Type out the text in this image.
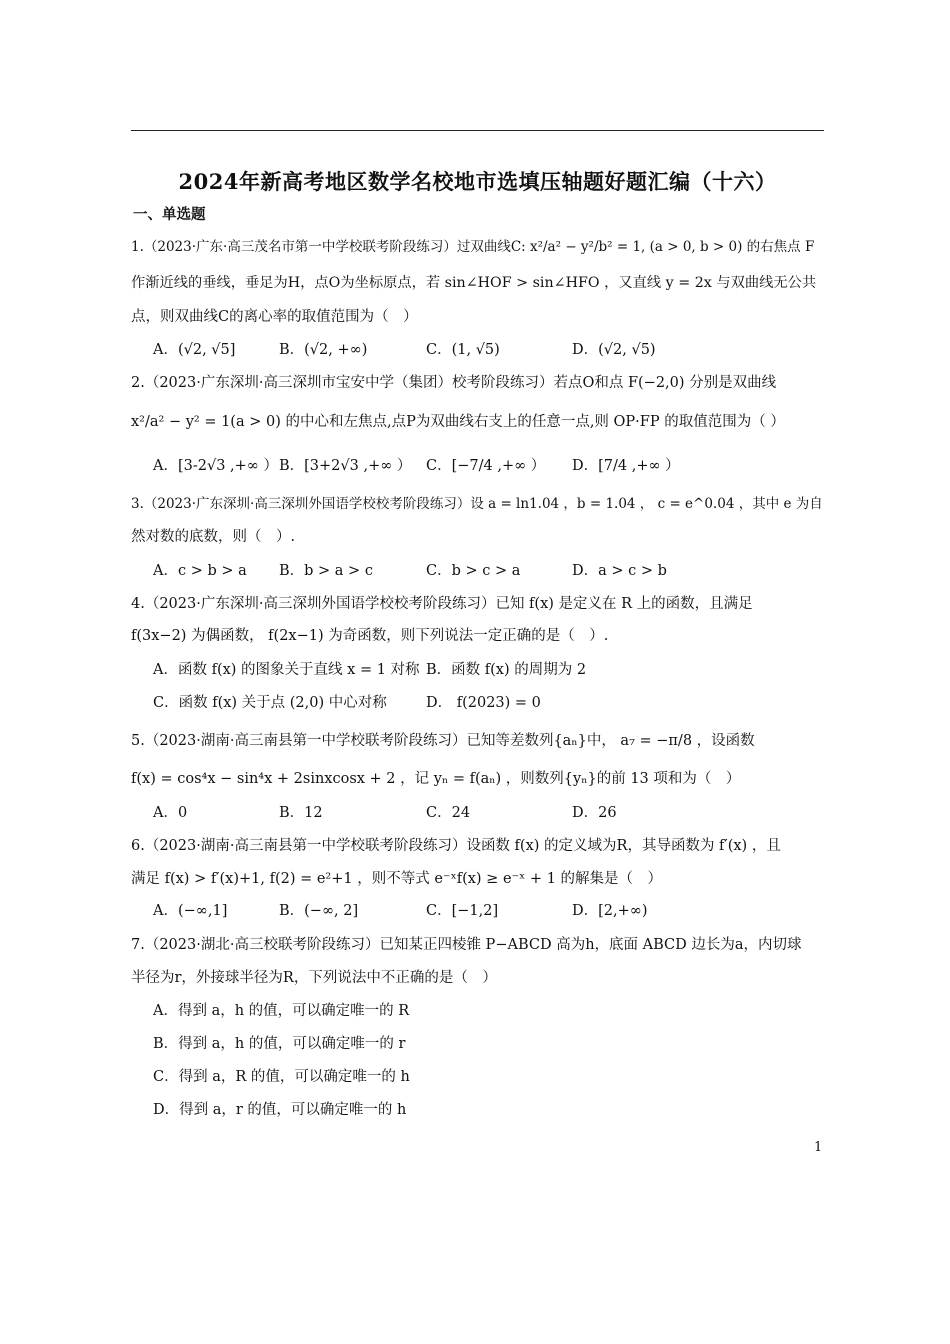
2024年新高考地区数学名校地市选填压轴题好题汇编（十六）
一、单选题
1.（2023·广东·高三茂名市第一中学校联考阶段练习）过双曲线C: x²/a² − y²/b² = 1, (a > 0, b > 0) 的右焦点 F
作渐近线的垂线，垂足为H，点O为坐标原点，若 sin∠HOF > sin∠HFO ，又直线 y = 2x 与双曲线无公共
点，则双曲线C的离心率的取值范围为（　）
A．(√2, √5]	B．(√2, +∞)	C．(1, √5)	D．(√2, √5)
2.（2023·广东深圳·高三深圳市宝安中学（集团）校考阶段练习）若点O和点 F(−2,0) 分别是双曲线
x²/a² − y² = 1(a > 0) 的中心和左焦点,点P为双曲线右支上的任意一点,则 OP·FP 的取值范围为（ ）
A．[3-2√3 ,+∞ ） B．[3+2√3 ,+∞ ） C．[−7/4 ,+∞ ） D．[7/4 ,+∞ ）
3.（2023·广东深圳·高三深圳外国语学校校考阶段练习）设 a = ln1.04 ，b = 1.04 ， c = e^0.04 ，其中 e 为自
然对数的底数，则（　）.
A．c > b > a B．b > a > c	C．b > c > a	D．a > c > b
4.（2023·广东深圳·高三深圳外国语学校校考阶段练习）已知 f(x) 是定义在 R 上的函数，且满足
f(3x−2) 为偶函数， f(2x−1) 为奇函数，则下列说法一定正确的是（　）.
A．函数 f(x) 的图象关于直线 x = 1 对称 B．函数 f(x) 的周期为 2
C．函数 f(x) 关于点 (2,0) 中心对称	D． f(2023) = 0
5.（2023·湖南·高三南县第一中学校联考阶段练习）已知等差数列{aₙ}中， a₇ = −π/8 ，设函数
f(x) = cos⁴x − sin⁴x + 2sinxcosx + 2 ，记 yₙ = f(aₙ) ，则数列{yₙ}的前 13 项和为（　）
A．0	B．12	C．24	D．26
6.（2023·湖南·高三南县第一中学校联考阶段练习）设函数 f(x) 的定义域为R，其导函数为 f′(x) ，且
满足 f(x) > f′(x)+1, f(2) = e²+1 ，则不等式 e⁻ˣf(x) ≥ e⁻ˣ + 1 的解集是（　）
A．(−∞,1]	B．(−∞, 2]	C．[−1,2]	D．[2,+∞)
7.（2023·湖北·高三校联考阶段练习）已知某正四棱锥 P−ABCD 高为h，底面 ABCD 边长为a，内切球
半径为r，外接球半径为R，下列说法中不正确的是（　）
A．得到 a，h 的值，可以确定唯一的 R
B．得到 a，h 的值，可以确定唯一的 r
C．得到 a，R 的值，可以确定唯一的 h
D．得到 a，r 的值，可以确定唯一的 h
1
